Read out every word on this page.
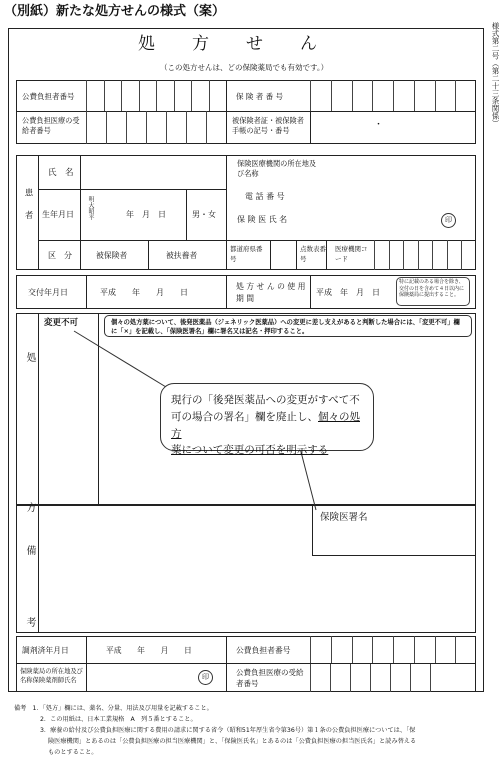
（別紙）新たな処方せんの様式（案）
様式第二号（第二十三条関係）
処　　方　　せ　　ん
（この処方せんは、どの保険薬局でも有効です。）
公費負担者番号	保 険 者 番 号
公費負担医療の受給者番号
被保険者証・被保険者手帳の記号・番号
・
患者
氏　名
生年月日 明大昭平	年　月　日	男・女
区　分	被保険者	被扶養者
保険医療機関の所在地及び名称
電 話 番 号
保 険 医 氏 名	印
都道府県番号
点数表番号
医療機関コード
交付年月日	平成　　年　　月　　日
処 方 せ ん の 使 用 期 間
平成　年　月　日
特に記載のある場合を除き、交付の日を含めて４日以内に保険薬局に提出すること。
処　　方
変更不可	個々の処方薬について、後発医薬品（ジェネリック医薬品）への変更に差し支えがあると判断した場合には、「変更不可」欄に「×」を記載し、「保険医署名」欄に署名又は記名・押印すること。
現行の「後発医薬品への変更がすべて不
可の場合の署名」欄を廃止し、個々の処方
薬について変更の可否を明示する
備　　考
保険医署名
調剤済年月日	平成　　年　　月　　日	公費負担者番号
保険薬局の所在地及び名称保険薬剤師氏名	印	公費負担医療の受給者番号
備考　1．「処方」欄には、薬名、分量、用法及び用量を記載すること。
2．この用紙は、日本工業規格　A　列５番とすること。
3．療養の給付及び公費負担医療に関する費用の請求に関する省令（昭和51年厚生省令第36号）第１条の公費負担医療については、「保
険医療機関」とあるのは「公費負担医療の担当医療機関」と、「保険医氏名」とあるのは「公費負担医療の担当医氏名」と読み替える
ものとすること。
